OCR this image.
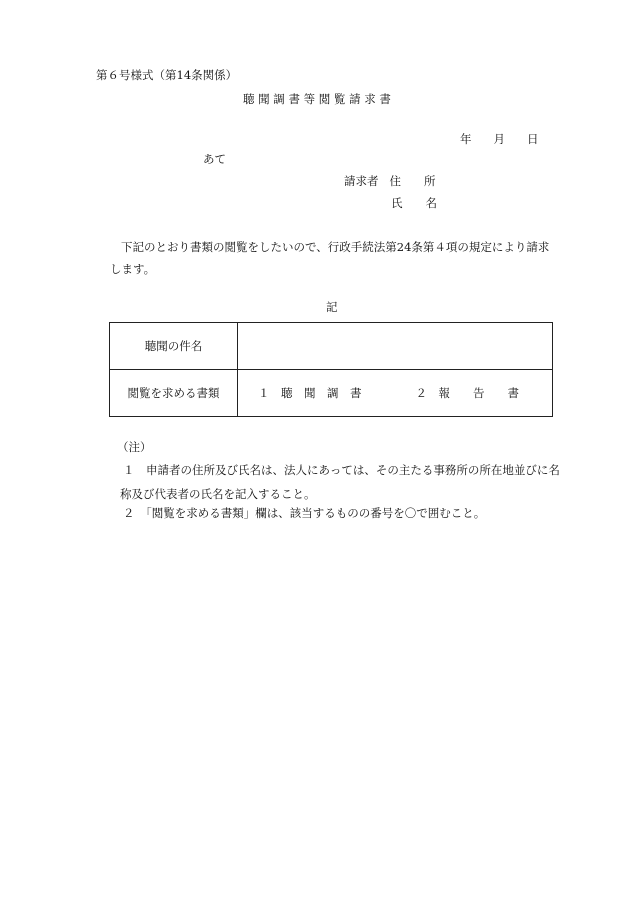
第６号様式（第14条関係）
聴 聞 調 書 等 閲 覧 請 求 書
年 月 日
あて
請求者 住　　所
氏　　名
下記のとおり書類の閲覧をしたいので、行政手続法第24条第４項の規定により請求します。
記
聴聞の件名	
閲覧を求める書類	１　聴　聞　調　書 ２　報　　告　　書
（注）
１　申請者の住所及び氏名は、法人にあっては、その主たる事務所の所在地並びに名
称及び代表者の氏名を記入すること。
２　「閲覧を求める書類」欄は、該当するものの番号を〇で囲むこと。
